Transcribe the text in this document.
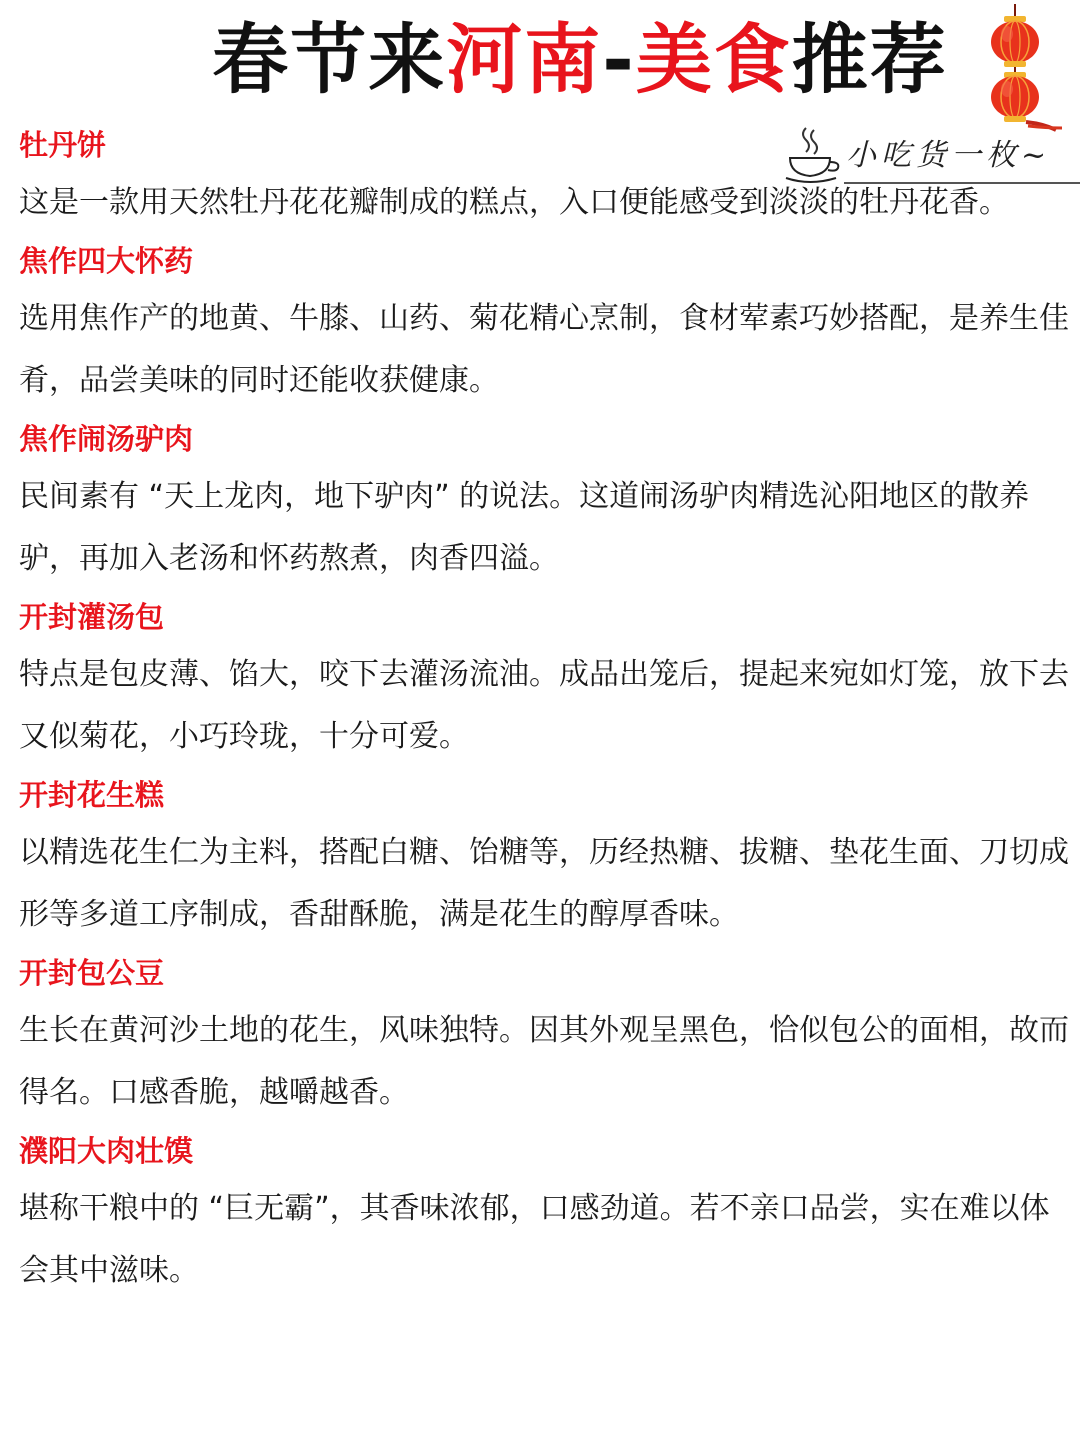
春节来河南-美食推荐
小吃货一枚~
牡丹饼

这是一款用天然牡丹花花瓣制成的糕点，入口便能感受到淡淡的牡丹花香。

焦作四大怀药

选用焦作产的地黄、牛膝、山药、菊花精心烹制，食材荤素巧妙搭配，是养生佳肴，品尝美味的同时还能收获健康。

焦作闹汤驴肉

民间素有 “天上龙肉，地下驴肉” 的说法。这道闹汤驴肉精选沁阳地区的散养驴，再加入老汤和怀药熬煮，肉香四溢。

开封灌汤包

特点是包皮薄、馅大，咬下去灌汤流油。成品出笼后，提起来宛如灯笼，放下去又似菊花，小巧玲珑，十分可爱。

开封花生糕

以精选花生仁为主料，搭配白糖、饴糖等，历经热糖、拔糖、垫花生面、刀切成形等多道工序制成，香甜酥脆，满是花生的醇厚香味。

开封包公豆

生长在黄河沙土地的花生，风味独特。因其外观呈黑色，恰似包公的面相，故而得名。口感香脆，越嚼越香。

濮阳大肉壮馍

堪称干粮中的 “巨无霸”，其香味浓郁，口感劲道。若不亲口品尝，实在难以体会其中滋味。
